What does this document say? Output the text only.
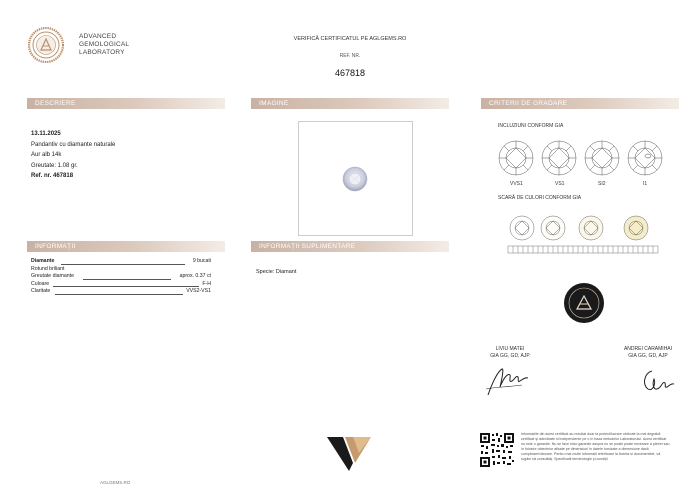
ADVANCED
GEMOLOGICAL
LABORATORY
VERIFICĂ CERTIFICATUL PE AGLGEMS.RO
REF. NR.
467818
DESCRIERE	IMAGINE	CRITERII DE GRADARE
INFORMAȚII	INFORMAȚII SUPLIMENTARE
13.11.2025
Pandantiv cu diamante naturale
Aur alb 14k
Greutate: 1.08 gr.
Ref. nr. 467818
Diamante	9 bucati
Rotund briliant
Greutate diamante	aprox. 0.37 ct
Culoare	F-H
Claritate	VVS2-VS1
Specie: Diamant
INCLUZIUNI CONFORM GIA
VVS1	VS1	SI2	I1
SCARĂ DE CULORI CONFORM GIA
LIVIU MATEI
GIA GG, GD, AJP
ANDREI CARAMIHAI
GIA GG, GD, AJP
AGLGEMS.RO
Informațiile din acest certificat au rezultat doar la proiect/lucrare obtinute la mai degrabă certificat şi adevărate si independente pe o în baza metodelor Laboratorului. Acest certificat nu este o garanție. Nu se face nicio garanție asupra nu se poate poate necesare a pietrei sau în folosire obiectelor afișate pe dimensiuni în datele furnizate a dimensiune dacă cumpărare/vânzare. Pentru mai multe informații referitoare la licenta si documentele, vă rugăm să consultaţi. Specificatii terminologie şi condiţii
